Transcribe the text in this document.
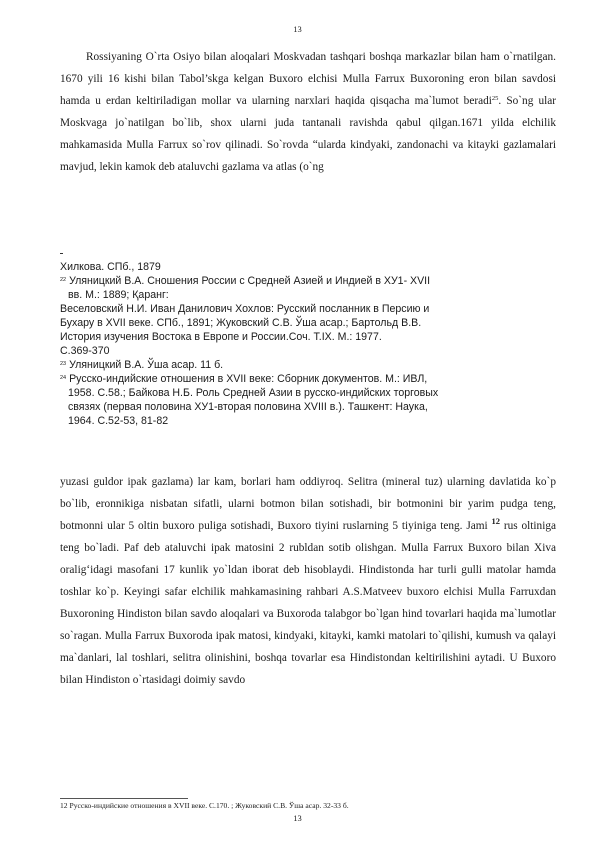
13

Rossiyaning O`rta Osiyo bilan aloqalari Moskvadan tashqari boshqa markazlar bilan ham o`rnatilgan. 1670 yili 16 kishi bilan Tabol’skga kelgan Buxoro elchisi Mulla Farrux Buxoroning eron bilan savdosi hamda u erdan keltiriladigan mollar va ularning narxlari haqida qisqacha ma`lumot beradi$^{25}$. So`ng ular Moskvaga jo`natilgan bo`lib, shox ularni juda tantanali ravishda qabul qilgan.1671 yilda elchilik mahkamasida Mulla Farrux so`rov qilinadi. So`rovda “ularda kindyaki, zandonachi va kitayki gazlamalari mavjud, lekin kamok deb ataluvchi gazlama va atlas (o`ng

Хилкова. СПб., 1879
$^{22}$ Уляницкий В.А. Сношения России с Средней Азией и Индией в ХУ1- XVII
вв. М.: 1889; Қаранг:
Веселовский Н.И. Иван Данилович Хохлов: Русский посланник в Персию и
Бухару в XVII веке. СПб., 1891; Жуковский С.В. Ўша асар.; Бартольд В.В.
История изучения Востока в Европе и России.Соч. Т.IX. М.: 1977.
С.369-370
$^{23}$ Уляницкий В.А. Ўша асар. 11 б.
$^{24}$ Русско-индийские отношения в XVII веке: Сборник документов. М.: ИВЛ,
1958. С.58.; Байкова Н.Б. Роль Средней Азии в русско-индийских торговых
связях (первая половина ХУ1-вторая половина XVIII в.). Ташкент: Наука,
1964. С.52-53, 81-82

yuzasi guldor ipak gazlama) lar kam, borlari ham oddiyroq. Selitra (mineral tuz) ularning davlatida ko`p bo`lib, eronnikiga nisbatan sifatli, ularni botmon bilan sotishadi, bir botmonini bir yarim pudga teng, botmonni ular 5 oltin buxoro puliga sotishadi, Buxoro tiyini ruslarning 5 tiyiniga teng. Jami $^{12}$ rus oltiniga teng bo`ladi. Paf deb ataluvchi ipak matosini 2 rubldan sotib olishgan. Mulla Farrux Buxoro bilan Xiva oralig‘idagi masofani 17 kunlik yo`ldan iborat deb hisoblaydi. Hindistonda har turli gulli matolar hamda toshlar ko`p. Keyingi safar elchilik mahkamasining rahbari A.S.Matveev buxoro elchisi Mulla Farruxdan Buxoroning Hindiston bilan savdo aloqalari va Buxoroda talabgor bo`lgan hind tovarlari haqida ma`lumotlar so`ragan. Mulla Farrux Buxoroda ipak matosi, kindyaki, kitayki, kamki matolari to`qilishi, kumush va qalayi ma`danlari, lal toshlari, selitra olinishini, boshqa tovarlar esa Hindistondan keltirilishini aytadi. U Buxoro bilan Hindiston o`rtasidagi doimiy savdo

12 Русско-индийские отношения в XVII веке. С.170. ; Жуковский С.В. Ўша асар. 32-33 б.
13
